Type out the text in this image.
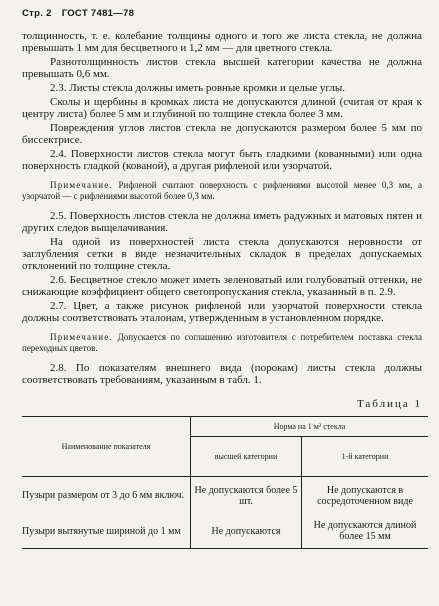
Стр. 2 ГОСТ 7481—78

толщинность, т. е. колебание толщины одного и того же листа стекла, не должна превышать 1 мм для бесцветного и 1,2 мм — для цветного стекла.

Разнотолщинность листов стекла высшей категории качества не должна превышать 0,6 мм.

2.3. Листы стекла должны иметь ровные кромки и целые углы.

Сколы и щербины в кромках листа не допускаются длиной (считая от края к центру листа) более 5 мм и глубиной по толщине стекла более 3 мм.

Повреждения углов листов стекла не допускаются размером более 5 мм по биссектрисе.

2.4. Поверхности листов стекла могут быть гладкими (кованными) или одна поверхность гладкой (кованой), а другая рифленой или узорчатой.

Примечание. Рифленой считают поверхность с рифлениями высотой менее 0,3 мм, а узорчатой — с рифлениями высотой более 0,3 мм.

2.5. Поверхность листов стекла не должна иметь радужных и матовых пятен и других следов выщелачивания.

На одной из поверхностей листа стекла допускаются неровности от заглубления сетки в виде незначительных складок в пределах допускаемых отклонений по толщине стекла.

2.6. Бесцветное стекло может иметь зеленоватый или голубоватый оттенки, не снижающие коэффициент общего светопропускания стекла, указанный в п. 2.9.

2.7. Цвет, а также рисунок рифленой или узорчатой поверхности стекла должны соответствовать эталонам, утвержденным в установленном порядке.

Примечание. Допускается по соглашению изготовителя с потребителем поставка стекла переходных цветов.

2.8. По показателям внешнего вида (порокам) листы стекла должны соответствовать требованиям, указанным в табл. 1.

Таблица 1
Наименование показателя	Норма на 1 м² стекла	
	высшей категории	1-й категории
Пузыри размером от 3 до 6 мм включ.	Не допускаются более 5 шт.	Не допускаются в сосредоточенном виде
Пузыри вытянутые шириной до 1 мм	Не допускаются	Не допускаются длиной более 15 мм
